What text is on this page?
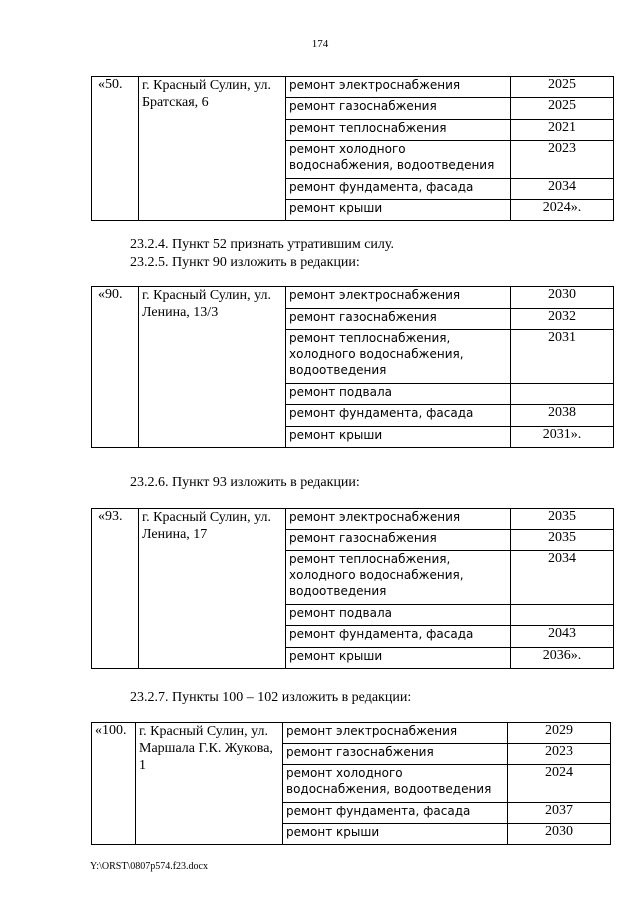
174
«50.	г. Красный Сулин, ул. Братская, 6	ремонт электроснабжения	2025
		ремонт газоснабжения	2025
		ремонт теплоснабжения	2021
		ремонт холодного водоснабжения, водоотведения	2023
		ремонт фундамента, фасада	2034
		ремонт крыши	2024».
23.2.4. Пункт 52 признать утратившим силу.
23.2.5. Пункт 90 изложить в редакции:
«90.	г. Красный Сулин, ул. Ленина, 13/3	ремонт электроснабжения	2030
		ремонт газоснабжения	2032
		ремонт теплоснабжения, холодного водоснабжения, водоотведения	2031
		ремонт подвала	
		ремонт фундамента, фасада	2038
		ремонт крыши	2031».
23.2.6. Пункт 93 изложить в редакции:
«93.	г. Красный Сулин, ул. Ленина, 17	ремонт электроснабжения	2035
		ремонт газоснабжения	2035
		ремонт теплоснабжения, холодного водоснабжения, водоотведения	2034
		ремонт подвала	
		ремонт фундамента, фасада	2043
		ремонт крыши	2036».
23.2.7. Пункты 100 – 102 изложить в редакции:
«100.	г. Красный Сулин, ул. Маршала Г.К. Жукова, 1	ремонт электроснабжения	2029
		ремонт газоснабжения	2023
		ремонт холодного водоснабжения, водоотведения	2024
		ремонт фундамента, фасада	2037
		ремонт крыши	2030
Y:\ORST\0807p574.f23.docx
